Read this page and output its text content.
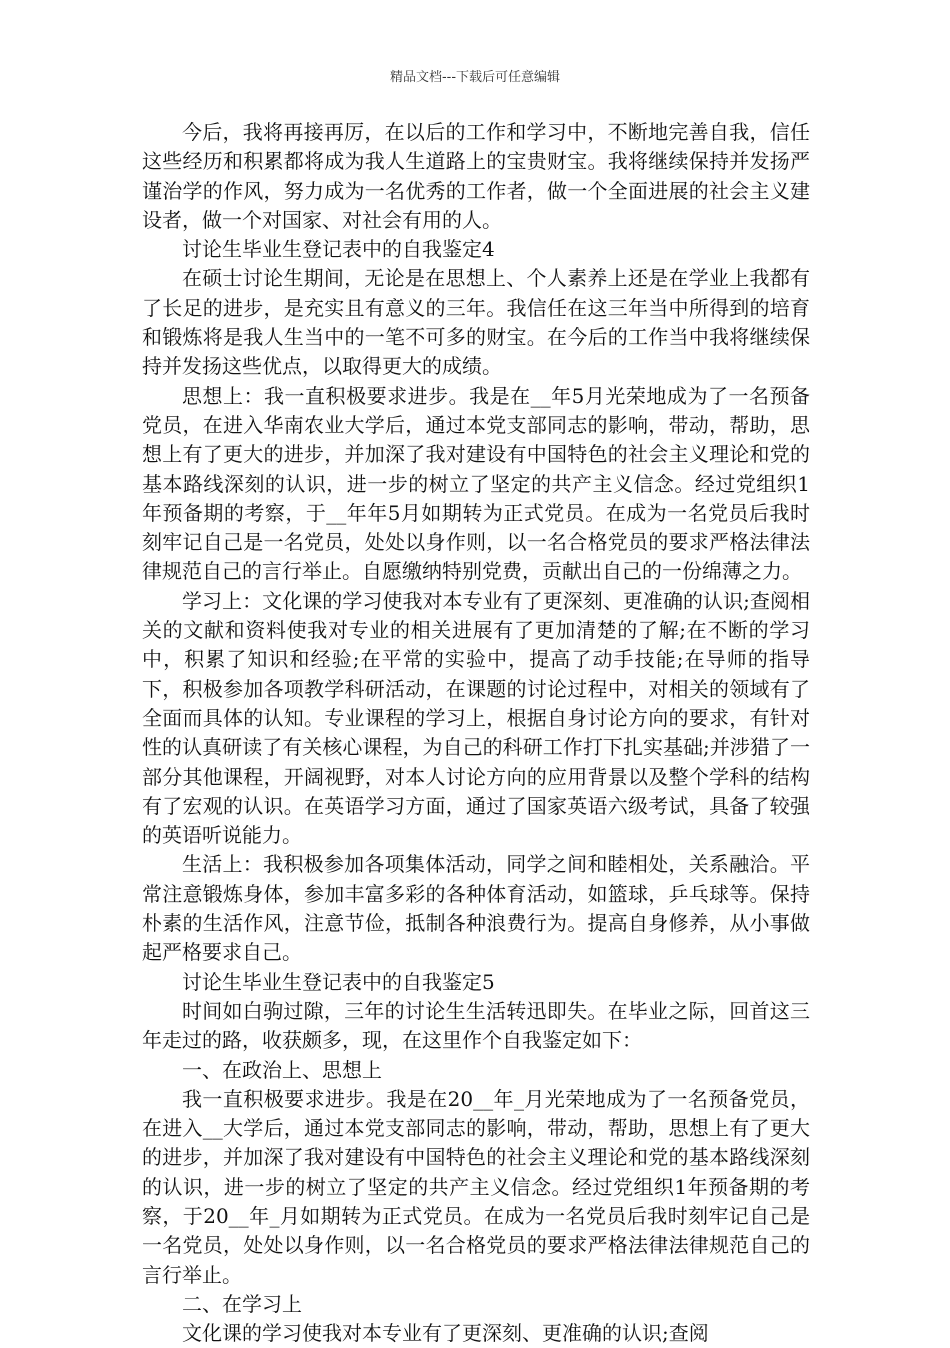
精品文档---下载后可任意编辑

今后，我将再接再厉，在以后的工作和学习中，不断地完善自我，信任这些经历和积累都将成为我人生道路上的宝贵财宝。我将继续保持并发扬严谨治学的作风，努力成为一名优秀的工作者，做一个全面进展的社会主义建设者，做一个对国家、对社会有用的人。

讨论生毕业生登记表中的自我鉴定4

在硕士讨论生期间，无论是在思想上、个人素养上还是在学业上我都有了长足的进步，是充实且有意义的三年。我信任在这三年当中所得到的培育和锻炼将是我人生当中的一笔不可多的财宝。在今后的工作当中我将继续保持并发扬这些优点，以取得更大的成绩。

思想上：我一直积极要求进步。我是在__年5月光荣地成为了一名预备党员，在进入华南农业大学后，通过本党支部同志的影响，带动，帮助，思想上有了更大的进步，并加深了我对建设有中国特色的社会主义理论和党的基本路线深刻的认识，进一步的树立了坚定的共产主义信念。经过党组织1年预备期的考察，于__年年5月如期转为正式党员。在成为一名党员后我时刻牢记自己是一名党员，处处以身作则，以一名合格党员的要求严格法律法律规范自己的言行举止。自愿缴纳特别党费，贡献出自己的一份绵薄之力。

学习上：文化课的学习使我对本专业有了更深刻、更准确的认识;查阅相关的文献和资料使我对专业的相关进展有了更加清楚的了解;在不断的学习中，积累了知识和经验;在平常的实验中，提高了动手技能;在导师的指导下，积极参加各项教学科研活动，在课题的讨论过程中，对相关的领域有了全面而具体的认知。专业课程的学习上，根据自身讨论方向的要求，有针对性的认真研读了有关核心课程，为自己的科研工作打下扎实基础;并涉猎了一部分其他课程，开阔视野，对本人讨论方向的应用背景以及整个学科的结构有了宏观的认识。在英语学习方面，通过了国家英语六级考试，具备了较强的英语听说能力。

生活上：我积极参加各项集体活动，同学之间和睦相处，关系融洽。平常注意锻炼身体，参加丰富多彩的各种体育活动，如篮球，乒乓球等。保持朴素的生活作风，注意节俭，抵制各种浪费行为。提高自身修养，从小事做起严格要求自己。

讨论生毕业生登记表中的自我鉴定5

时间如白驹过隙，三年的讨论生生活转迅即失。在毕业之际，回首这三年走过的路，收获颇多，现，在这里作个自我鉴定如下：

一、在政治上、思想上

我一直积极要求进步。我是在20__年_月光荣地成为了一名预备党员，在进入__大学后，通过本党支部同志的影响，带动，帮助，思想上有了更大的进步，并加深了我对建设有中国特色的社会主义理论和党的基本路线深刻的认识，进一步的树立了坚定的共产主义信念。经过党组织1年预备期的考察，于20__年_月如期转为正式党员。在成为一名党员后我时刻牢记自己是一名党员，处处以身作则，以一名合格党员的要求严格法律法律规范自己的言行举止。

二、在学习上

文化课的学习使我对本专业有了更深刻、更准确的认识;查阅
